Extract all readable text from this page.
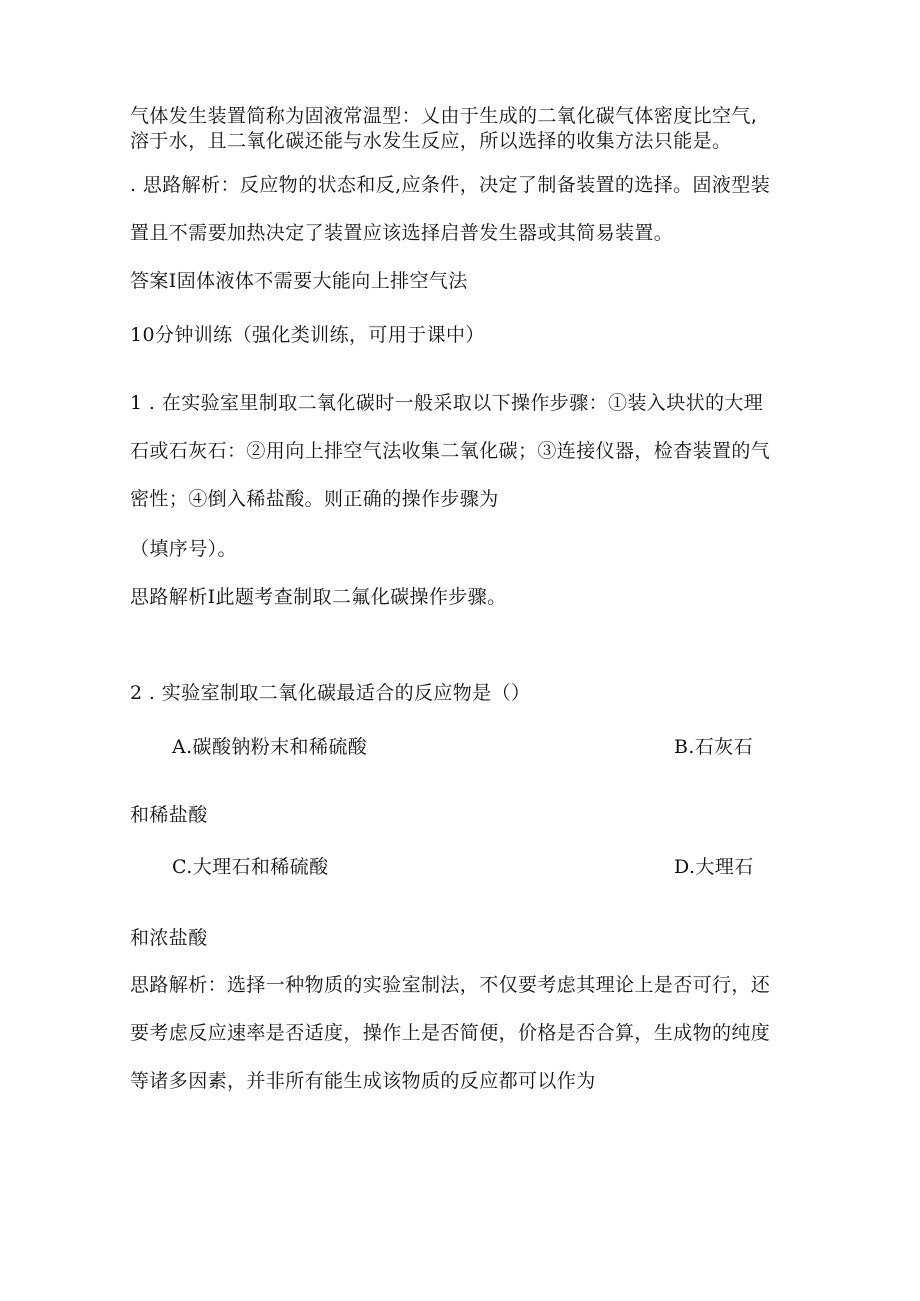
气体发生装置简称为固液常温型：乂由于生成的二氧化碳气体密度比空气,
溶于水，且二氧化碳还能与水发生反应，所以选择的收集方法只能是。
. 思路解析：反应物的状态和反,应条件，决定了制备装置的选择。固液型装
置且不需要加热决定了装置应该选择启普发生器或其简易装置。
答案I固体液体不需要大能向上排空气法
10分钟训练（强化类训练，可用于课中）
1 . 在实验室里制取二氧化碳时一般采取以下操作步骤：①装入块状的大理
石或石灰石：②用向上排空气法收集二氧化碳；③连接仪器，检杳装置的气
密性；④倒入稀盐酸。则正确的操作步骤为
（填序号）。
思路解析I此题考查制取二氟化碳操作步骤。
2 . 实验室制取二氧化碳最适合的反应物是（）
A.碳酸钠粉末和稀硫酸	B.石灰石
和稀盐酸
C.大理石和稀硫酸	D.大理石
和浓盐酸
思路解析：选择一种物质的实验室制法，不仅要考虑其理论上是否可行，还
要考虑反应速率是否适度，操作上是否简便，价格是否合算，生成物的纯度
等诸多因素，并非所有能生成该物质的反应都可以作为
